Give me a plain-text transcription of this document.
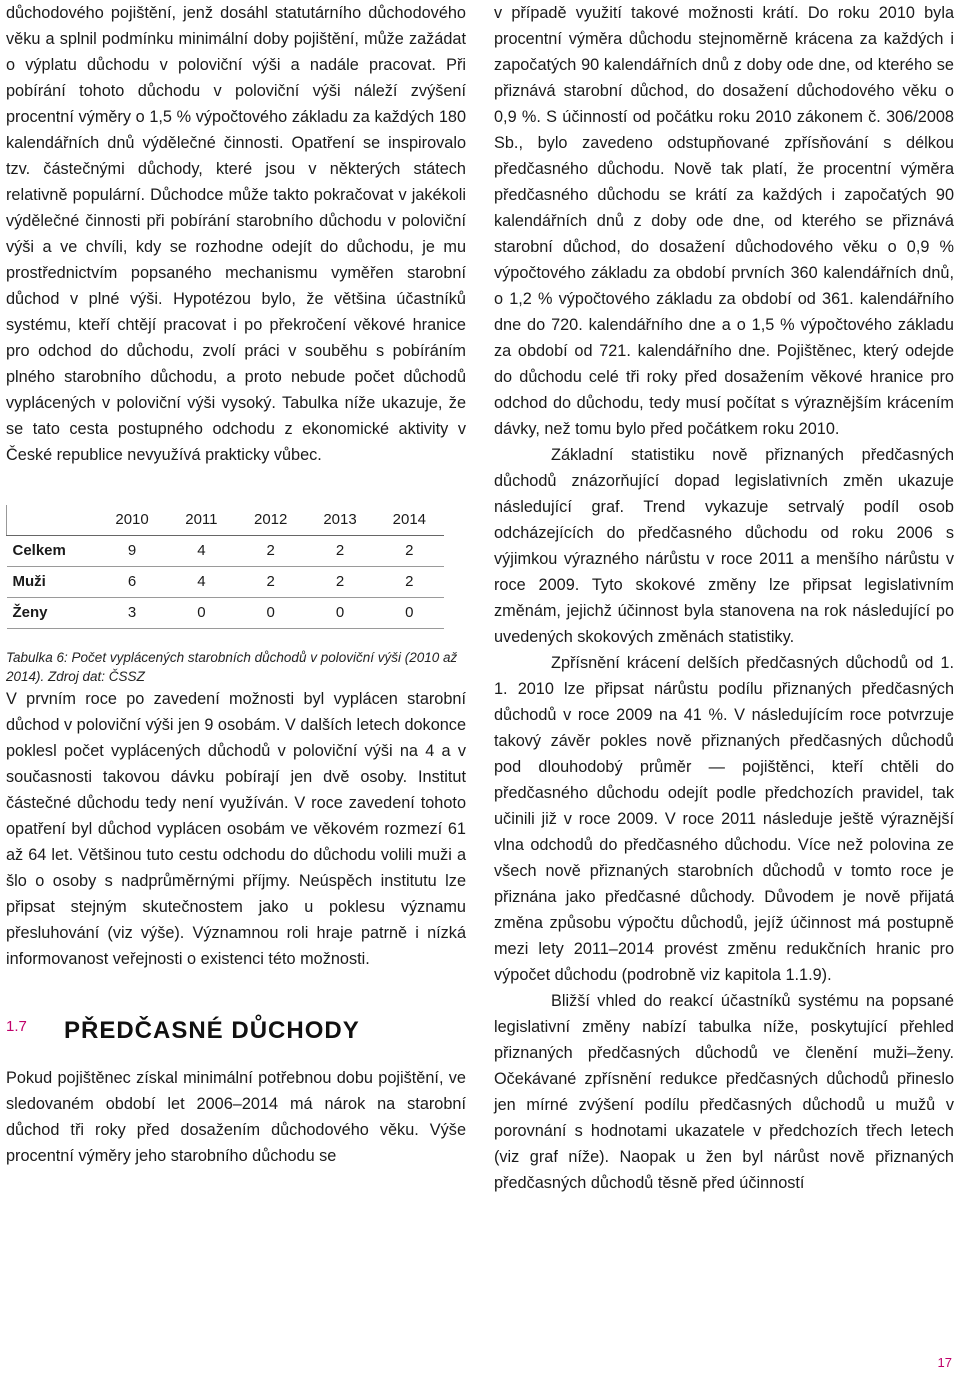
důchodového pojištění, jenž dosáhl statutárního důchodového věku a splnil podmínku minimální doby pojištění, může zažádat o výplatu důchodu v poloviční výši a nadále pracovat. Při pobírání tohoto důchodu v poloviční výši náleží zvýšení procentní výměry o 1,5 % výpočtového základu za každých 180 kalendářních dnů výdělečné činnosti. Opatření se inspirovalo tzv. částečnými důchody, které jsou v některých státech relativně populární. Důchodce může takto pokračovat v jakékoli výdělečné činnosti při pobírání starobního důchodu v poloviční výši a ve chvíli, kdy se rozhodne odejít do důchodu, je mu prostřednictvím popsaného mechanismu vyměřen starobní důchod v plné výši. Hypotézou bylo, že většina účastníků systému, kteří chtějí pracovat i po překročení věkové hranice pro odchod do důchodu, zvolí práci v souběhu s pobíráním plného starobního důchodu, a proto nebude počet důchodů vyplácených v poloviční výši vysoký. Tabulka níže ukazuje, že se tato cesta postupného odchodu z ekonomické aktivity v České republice nevyužívá prakticky vůbec.

	2010	2011	2012	2013	2014
Celkem	9	4	2	2	2
Muži	6	4	2	2	2
Ženy	3	0	0	0	0
Tabulka 6: Počet vyplácených starobních důchodů v poloviční výši (2010 až 2014). Zdroj dat: ČSSZ

V prvním roce po zavedení možnosti byl vyplácen starobní důchod v poloviční výši jen 9 osobám. V dalších letech dokonce poklesl počet vyplácených důchodů v poloviční výši na 4 a v současnosti takovou dávku pobírají jen dvě osoby. Institut částečné důchodu tedy není využíván. V roce zavedení tohoto opatření byl důchod vyplácen osobám ve věkovém rozmezí 61 až 64 let. Většinou tuto cestu odchodu do důchodu volili muži a šlo o osoby s nadprůměrnými příjmy. Neúspěch institutu lze připsat stejným skutečnostem jako u poklesu významu přesluhování (viz výše). Významnou roli hraje patrně i nízká informovanost veřejnosti o existenci této možnosti.

1.7	PŘEDČASNÉ DŮCHODY

Pokud pojištěnec získal minimální potřebnou dobu pojištění, ve sledovaném období let 2006–2014 má nárok na starobní důchod tři roky před dosažením důchodového věku. Výše procentní výměry jeho starobního důchodu se

v případě využití takové možnosti krátí. Do roku 2010 byla procentní výměra důchodu stejnoměrně krácena za každých i započatých 90 kalendářních dnů z doby ode dne, od kterého se přiznává starobní důchod, do dosažení důchodového věku o 0,9 %. S účinností od počátku roku 2010 zákonem č. 306/2008 Sb., bylo zavedeno odstupňované zpřísňování s délkou předčasného důchodu. Nově tak platí, že procentní výměra předčasného důchodu se krátí za každých i započatých 90 kalendářních dnů z doby ode dne, od kterého se přiznává starobní důchod, do dosažení důchodového věku o 0,9 % výpočtového základu za období prvních 360 kalendářních dnů, o 1,2 % výpočtového základu za období od 361. kalendářního dne do 720. kalendářního dne a o 1,5 % výpočtového základu za období od 721. kalendářního dne. Pojištěnec, který odejde do důchodu celé tři roky před dosažením věkové hranice pro odchod do důchodu, tedy musí počítat s výraznějším krácením dávky, než tomu bylo před počátkem roku 2010.

Základní statistiku nově přiznaných předčasných důchodů znázorňující dopad legislativních změn ukazuje následující graf. Trend vykazuje setrvalý podíl osob odcházejících do předčasného důchodu od roku 2006 s výjimkou výrazného nárůstu v roce 2011 a menšího nárůstu v roce 2009. Tyto skokové změny lze připsat legislativním změnám, jejichž účinnost byla stanovena na rok následující po uvedených skokových změnách statistiky.

Zpřísnění krácení delších předčasných důchodů od 1. 1. 2010 lze připsat nárůstu podílu přiznaných předčasných důchodů v roce 2009 na 41 %. V následujícím roce potvrzuje takový závěr pokles nově přiznaných předčasných důchodů pod dlouhodobý průměr — pojištěnci, kteří chtěli do předčasného důchodu odejít podle předchozích pravidel, tak učinili již v roce 2009. V roce 2011 následuje ještě výraznější vlna odchodů do předčasného důchodu. Více než polovina ze všech nově přiznaných starobních důchodů v tomto roce je přiznána jako předčasné důchody. Důvodem je nově přijatá změna způsobu výpočtu důchodů, jejíž účinnost má postupně mezi lety 2011–2014 provést změnu redukčních hranic pro výpočet důchodu (podrobně viz kapitola 1.1.9).

Bližší vhled do reakcí účastníků systému na popsané legislativní změny nabízí tabulka níže, poskytující přehled přiznaných předčasných důchodů ve členění muži–ženy. Očekávané zpřísnění redukce předčasných důchodů přineslo jen mírné zvýšení podílu předčasných důchodů u mužů v porovnání s hodnotami ukazatele v předchozích třech letech (viz graf níže). Naopak u žen byl nárůst nově přiznaných předčasných důchodů těsně před účinností

17
